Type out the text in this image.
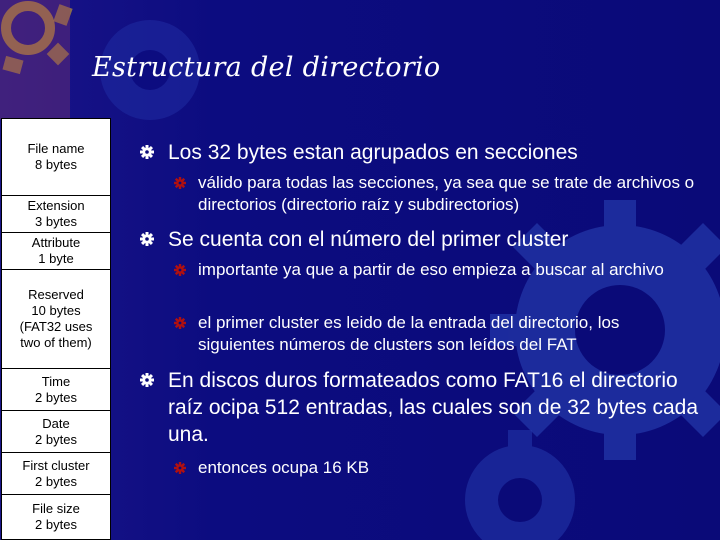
Estructura del directorio
File name
8 bytes
Extension
3 bytes
Attribute
1 byte
Reserved
10 bytes
(FAT32 uses two of them)
Time
2 bytes
Date
2 bytes
First cluster
2 bytes
File size
2 bytes
Los 32 bytes estan agrupados en secciones
válido para todas las secciones, ya sea que se trate de archivos o directorios (directorio raíz y subdirectorios)
Se cuenta con el número del primer cluster
importante ya que a partir de eso empieza a buscar al archivo
el primer cluster es leido de la entrada del directorio, los siguientes números de clusters son leídos del FAT
En discos duros formateados como FAT16 el directorio raíz ocipa 512 entradas, las cuales son de 32 bytes cada una.
entonces ocupa 16 KB
